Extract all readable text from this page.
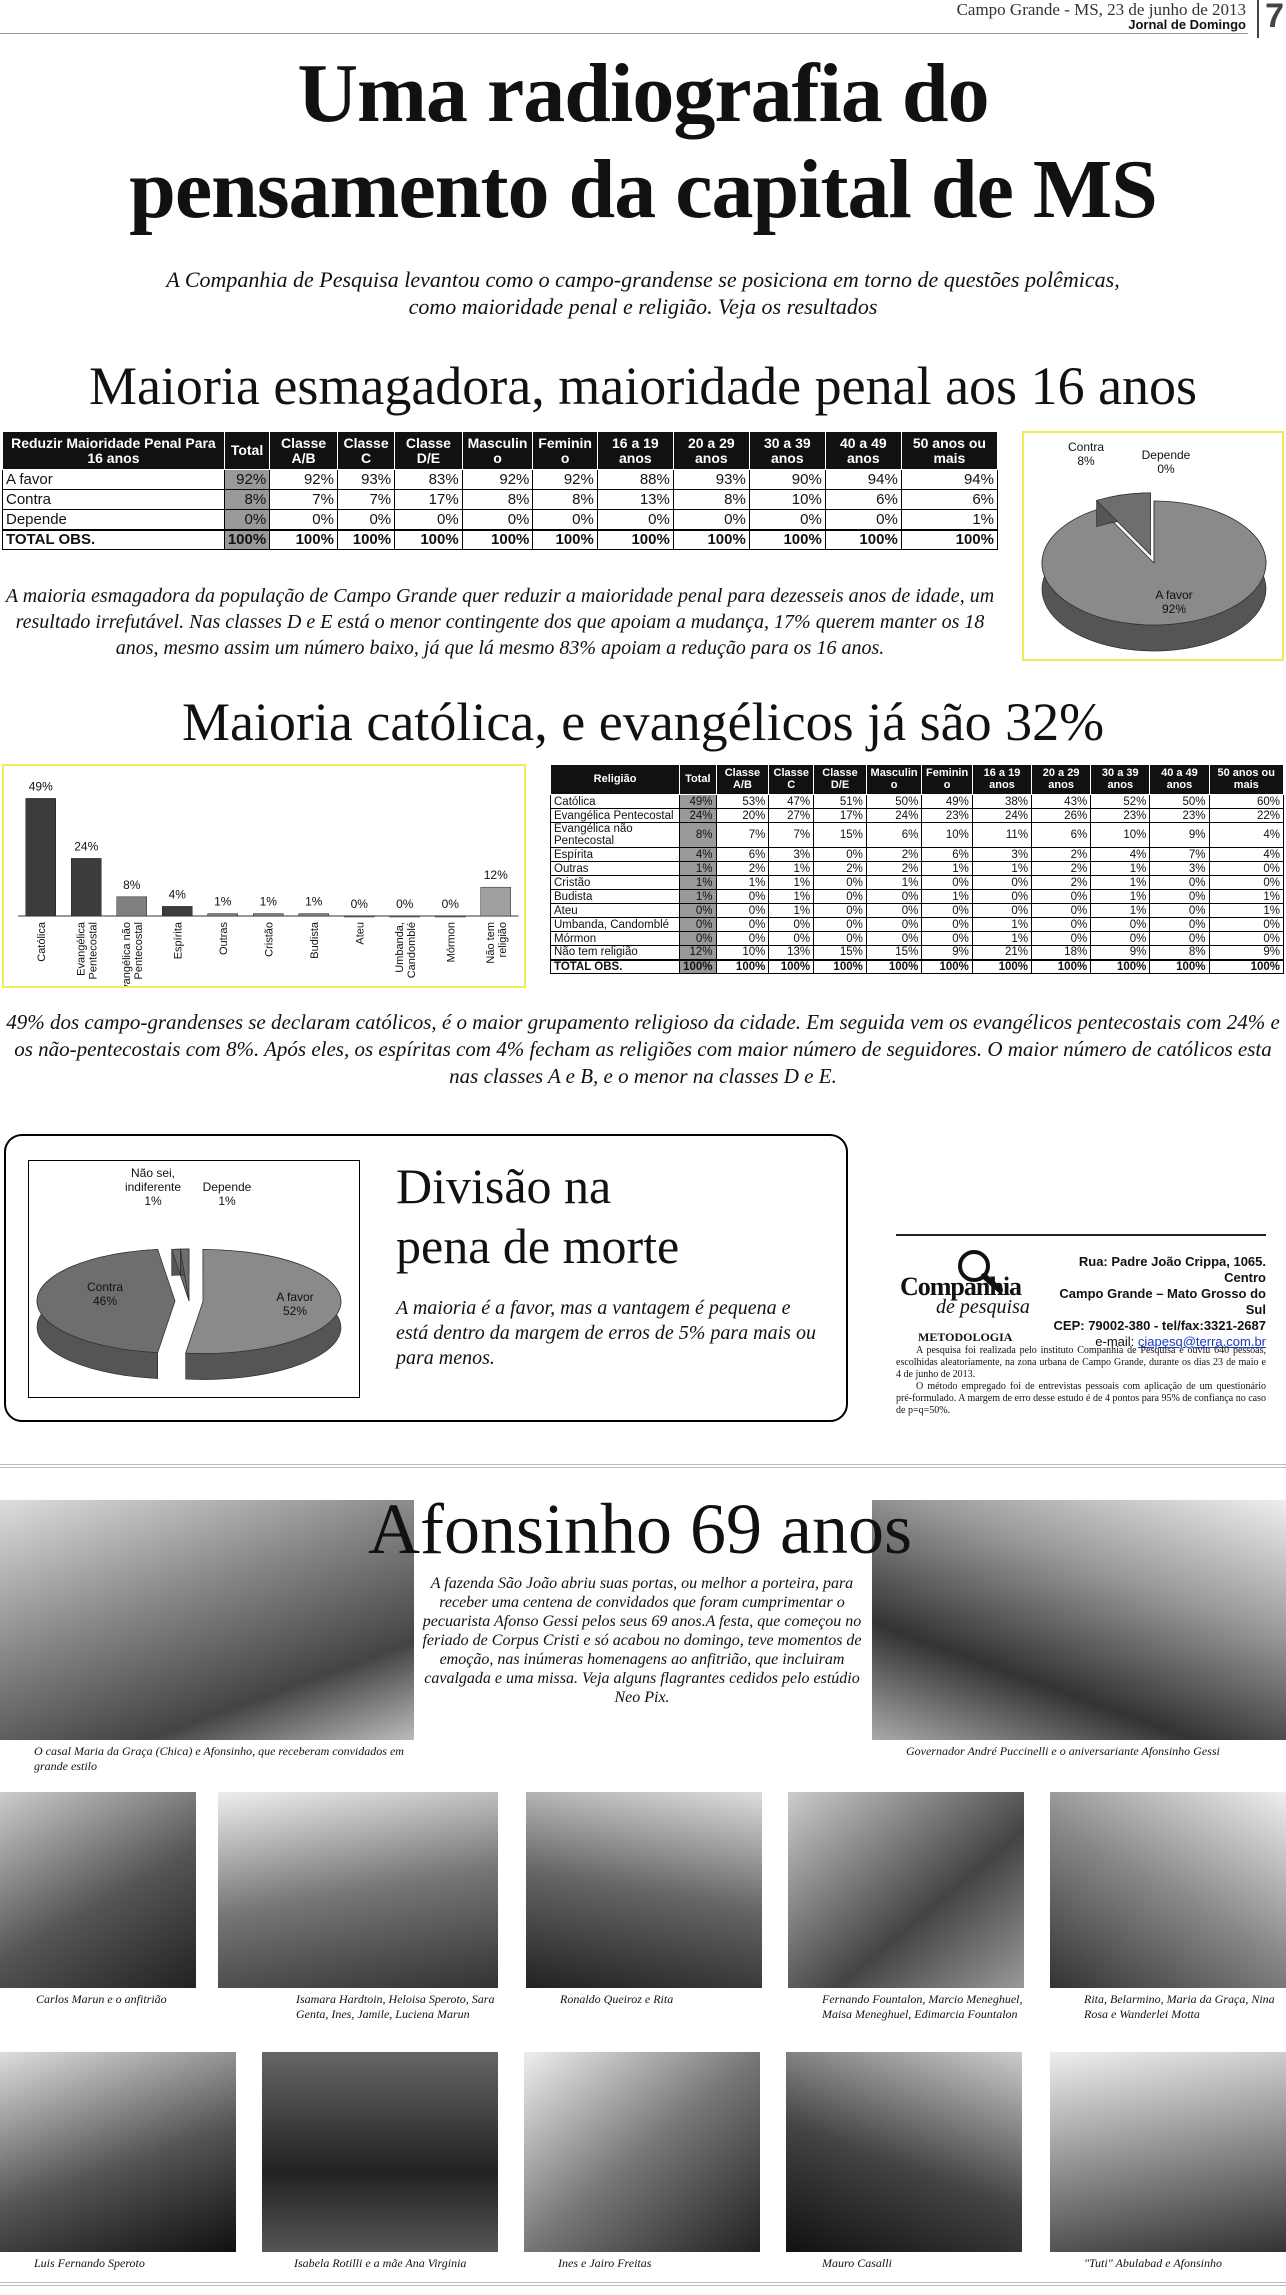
Campo Grande - MS, 23 de junho de 2013
Jornal de Domingo 7
Uma radiografia do
pensamento da capital de MS
A Companhia de Pesquisa levantou como o campo-grandense se posiciona em torno de questões polêmicas, como maioridade penal e religião. Veja os resultados
Maioria esmagadora, maioridade penal aos 16 anos
Reduzir Maioridade Penal Para 16 anos	Total	Classe A/B	Classe C	Classe D/E	Masculin o	Feminin o	16 a 19 anos	20 a 29 anos	30 a 39 anos	40 a 49 anos	50 anos ou mais
A favor	92%	92%	93%	83%	92%	92%	88%	93%	90%	94%	94%
Contra	8%	7%	7%	17%	8%	8%	13%	8%	10%	6%	6%
Depende	0%	0%	0%	0%	0%	0%	0%	0%	0%	0%	1%
TOTAL OBS.	100%	100%	100%	100%	100%	100%	100%	100%	100%	100%	100%
A favor
92%
Contra
8%	Depende
0%
A maioria esmagadora da população de Campo Grande quer reduzir a maioridade penal para dezesseis anos de idade, um resultado irrefutável. Nas classes D e E está o menor contingente dos que apoiam a mudança, 17% querem manter os 18 anos, mesmo assim um número baixo, já que lá mesmo 83% apoiam a redução para os 16 anos.
Maioria católica, e evangélicos já são 32%
49%
Católica
24%
EvangélicaPentecostal
8%
Evangélica nãoPentecostal
4%
Espírita
1%
Outras
1%
Cristão
1%
Budista
0%
Ateu
0%
Umbanda,Candomblé
0%
Mórmon
12%
Não temreligião
Religião	Total	Classe A/B	Classe C	Classe D/E	Masculin o	Feminin o	16 a 19 anos	20 a 29 anos	30 a 39 anos	40 a 49 anos	50 anos ou mais
Católica	49%	53%	47%	51%	50%	49%	38%	43%	52%	50%	60%
Evangélica Pentecostal	24%	20%	27%	17%	24%	23%	24%	26%	23%	23%	22%
Evangélica não Pentecostal	8%	7%	7%	15%	6%	10%	11%	6%	10%	9%	4%
Espírita	4%	6%	3%	0%	2%	6%	3%	2%	4%	7%	4%
Outras	1%	2%	1%	2%	2%	1%	1%	2%	1%	3%	0%
Cristão	1%	1%	1%	0%	1%	0%	0%	2%	1%	0%	0%
Budista	1%	0%	1%	0%	0%	1%	0%	0%	1%	0%	1%
Ateu	0%	0%	1%	0%	0%	0%	0%	0%	1%	0%	1%
Umbanda, Candomblé	0%	0%	0%	0%	0%	0%	1%	0%	0%	0%	0%
Mórmon	0%	0%	0%	0%	0%	0%	1%	0%	0%	0%	0%
Não tem religião	12%	10%	13%	15%	15%	9%	21%	18%	9%	8%	9%
TOTAL OBS.	100%	100%	100%	100%	100%	100%	100%	100%	100%	100%	100%
49% dos campo-grandenses se declaram católicos, é o maior grupamento religioso da cidade. Em seguida vem os evangélicos pentecostais com 24% e os não-pentecostais com 8%. Após eles, os espíritas com 4% fecham as religiões com maior número de seguidores. O maior número de católicos esta nas classes A e B, e o menor na classes D e E.
A favor
52%
Contra
46%
Não sei,
indiferente
1%
Depende
1%	Divisão na
pena de morte
A maioria é a favor, mas a vantagem é pequena e está dentro da margem de erros de 5% para mais ou para menos.
Companhia
de pesquisa
Rua: Padre João Crippa, 1065. Centro
Campo Grande – Mato Grosso do Sul
CEP: 79002-380 - tel/fax:3321-2687
e-mail: ciapesq@terra.com.br
METODOLOGIA
A pesquisa foi realizada pelo instituto Companhia de Pesquisa e ouviu 640 pessoas, escolhidas aleatoriamente, na zona urbana de Campo Grande, durante os dias 23 de maio e 4 de junho de 2013.
O método empregado foi de entrevistas pessoais com aplicação de um questionário pré-formulado. A margem de erro desse estudo é de 4 pontos para 95% de confiança no caso de p=q=50%.
Afonsinho 69 anos
A fazenda São João abriu suas portas, ou melhor a porteira, para receber uma centena de convidados que foram cumprimentar o pecuarista Afonso Gessi pelos seus 69 anos.A festa, que começou no feriado de Corpus Cristi e só acabou no domingo, teve momentos de emoção, nas inúmeras homenagens ao anfitrião, que incluiram cavalgada e uma missa. Veja alguns flagrantes cedidos pelo estúdio Neo Pix.
O casal Maria da Graça (Chica) e Afonsinho, que receberam convidados em grande estilo
Governador André Puccinelli e o aniversariante Afonsinho Gessi
Carlos Marun e o anfitrião	Isamara Hardtoin, Heloisa Speroto, Sara Genta, Ines, Jamile, Luciena Marun
Ronaldo Queiroz e Rita	Fernando Fountalon, Marcio Meneghuel, Maisa Meneghuel, Edimarcia Fountalon
Rita, Belarmino, Maria da Graça, Nina Rosa e Wanderlei Motta
Luis Fernando Speroto	Isabela Rotilli e a mãe Ana Virginia	Ines e Jairo Freitas	Mauro Casalli	"Tuti" Abulabad e Afonsinho
